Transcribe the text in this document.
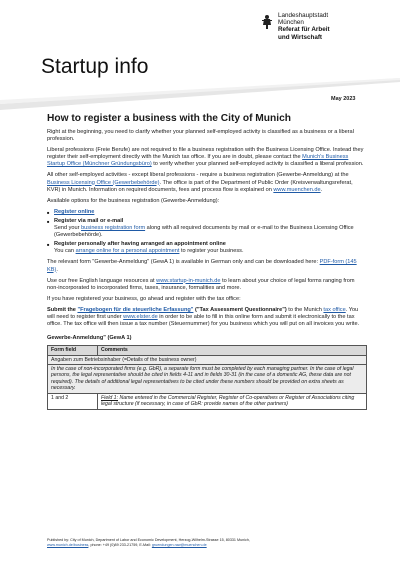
Landeshauptstadt
München
Referat für Arbeit
und Wirtschaft
Startup info
May 2023
How to register a business with the City of Munich

Right at the beginning, you need to clarify whether your planned self-employed activity is classified as a business or a liberal profession.

Liberal professions (Freie Berufe) are not required to file a business registration with the Business Licensing Office. Instead they register their self-employment directly with the Munich tax office. If you are in doubt, please contact the Munich's Business Startup Office (Münchner Gründungsbüro) to verify whether your planned self-employed activity is classified a liberal profession.

All other self-employed activities - except liberal professions - require a business registration (Gewerbe-Anmeldung) at the Business Licensing Office (Gewerbebehörde). The office is part of the Department of Public Order (Kreisverwaltungsreferat, KVR) in Munich. Information on required documents, fees and process flow is explained on www.muenchen.de.

Available options for the business registration (Gewerbe-Anmeldung):

■ Register online
■ Register via mail or e-mail
Send your business registration form along with all required documents by mail or e-mail to the Business Licensing Office (Gewerbebehörde).
■ Register personally after having arranged an appointment online
You can arrange online for a personal appointment to register your business.

The relevant form "Gewerbe-Anmeldung" (GewA 1) is available in German only and can be downloaded here: PDF-form (145 KB).

Use our free English language resources at www.startup-in-munich.de to learn about your choice of legal forms ranging from non-incorporated to incorporated firms, taxes, insurance, formalities and more.

If you have registered your business, go ahead and register with the tax office:

Submit the "Fragebogen für die steuerliche Erfassung" ("Tax Assessment Questionnaire") to the Munich tax office. You will need to register first under www.elster.de in order to be able to fill in this online form and submit it electronically to the tax office. The tax office will then issue a tax number (Steuernummer) for you business which you will put on all invoices you write.

Gewerbe-Anmeldung" (GewA 1)
Form field	Comments
Angaben zum Betriebsinhaber (=Details of the business owner)	
In the case of non-incorporated firms (e.g. GbR), a separate form must be completed by each managing partner. In the case of legal persons, the legal representative should be cited in fields 4-11 and in fields 30-31 (in the case of a domestic AG, these data are not required). The details of additional legal representatives to be cited under these numbers should be provided on extra sheets as necessary.	
1 and 2	Field 1: Name entered in the Commercial Register, Register of Co-operatives or Register of Associations citing legal structure (if necessary, in case of GbR: provide names of the other partners)
Published by: City of Munich, Department of Labor and Economic Development, Herzog-Wilhelm-Strasse 15, 80331 Munich,
www.munich.de/business, phone: +49 (0)89 233-21759, E-Mail: gruendungen.raw@muenchen.de
